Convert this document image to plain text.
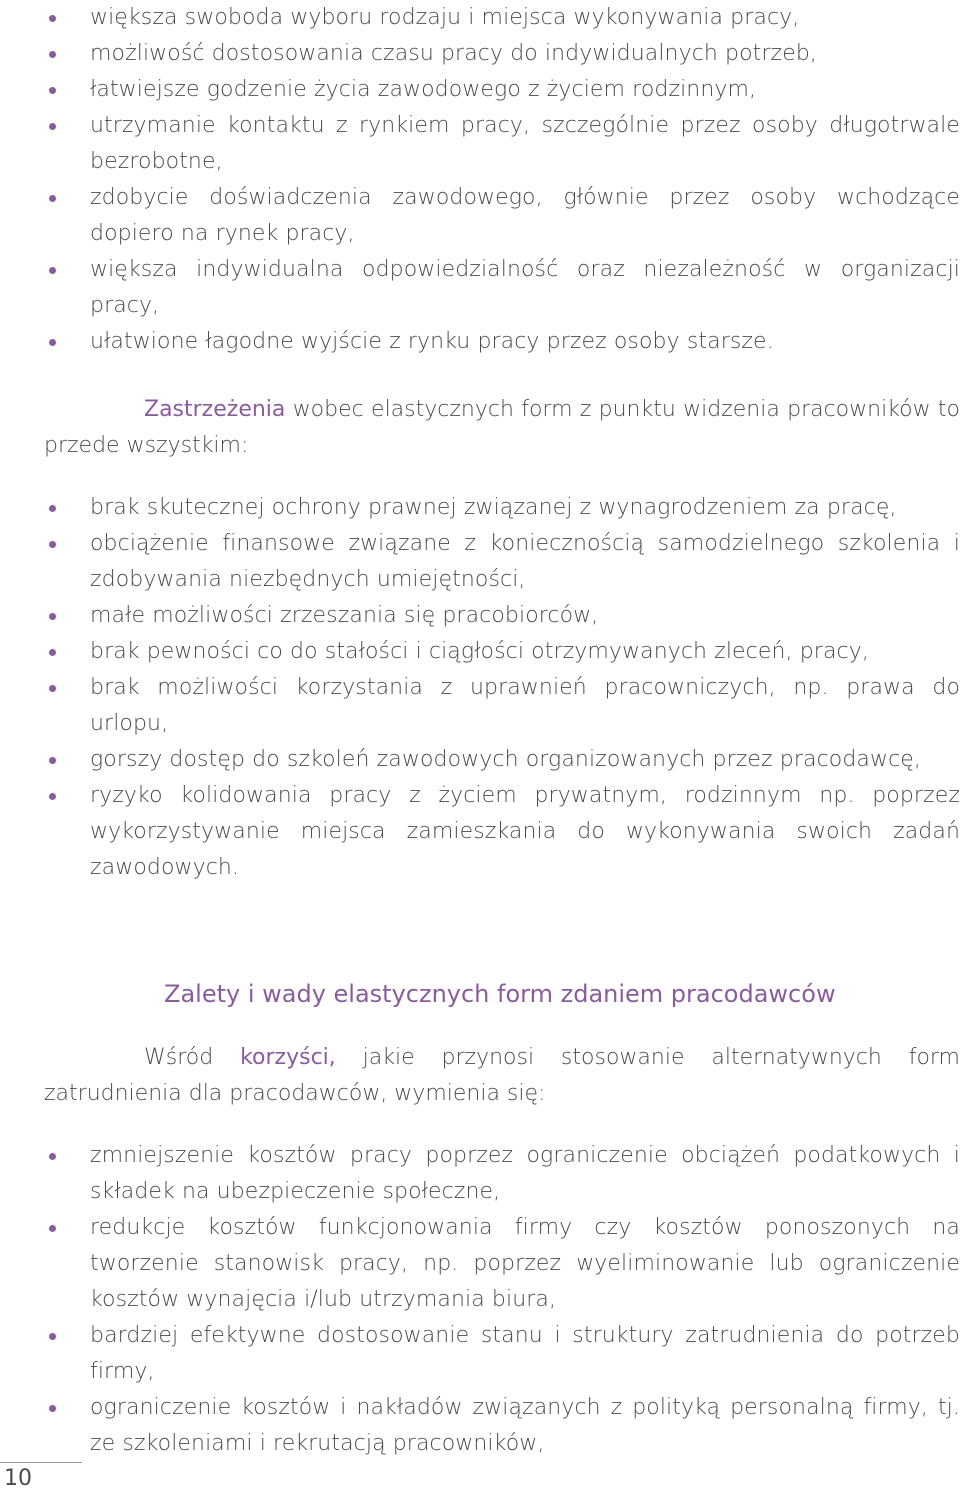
większa swoboda wyboru rodzaju i miejsca wykonywania pracy,
możliwość dostosowania czasu pracy do indywidualnych potrzeb,
łatwiejsze godzenie życia zawodowego z życiem rodzinnym,
utrzymanie kontaktu z rynkiem pracy, szczególnie przez osoby długotrwale bezrobotne,
zdobycie doświadczenia zawodowego, głównie przez osoby wchodzące dopiero na rynek pracy,
większa indywidualna odpowiedzialność oraz niezależność w organizacji pracy,
ułatwione łagodne wyjście z rynku pracy przez osoby starsze.

Zastrzeżenia wobec elastycznych form z punktu widzenia pracowników to przede wszystkim:

brak skutecznej ochrony prawnej związanej z wynagrodzeniem za pracę,
obciążenie finansowe związane z koniecznością samodzielnego szkolenia i zdobywania niezbędnych umiejętności,
małe możliwości zrzeszania się pracobiorców,
brak pewności co do stałości i ciągłości otrzymywanych zleceń, pracy,
brak możliwości korzystania z uprawnień pracowniczych, np. prawa do urlopu,
gorszy dostęp do szkoleń zawodowych organizowanych przez pracodawcę,
ryzyko kolidowania pracy z życiem prywatnym, rodzinnym np. poprzez wykorzystywanie miejsca zamieszkania do wykonywania swoich zadań zawodowych.
Zalety i wady elastycznych form zdaniem pracodawców

Wśród korzyści, jakie przynosi stosowanie alternatywnych form zatrudnienia dla pracodawców, wymienia się:

zmniejszenie kosztów pracy poprzez ograniczenie obciążeń podatkowych i składek na ubezpieczenie społeczne,
redukcje kosztów funkcjonowania firmy czy kosztów ponoszonych na tworzenie stanowisk pracy, np. poprzez wyeliminowanie lub ograniczenie kosztów wynajęcia i/lub utrzymania biura,
bardziej efektywne dostosowanie stanu i struktury zatrudnienia do potrzeb firmy,
ograniczenie kosztów i nakładów związanych z polityką personalną firmy, tj. ze szkoleniami i rekrutacją pracowników,
10
